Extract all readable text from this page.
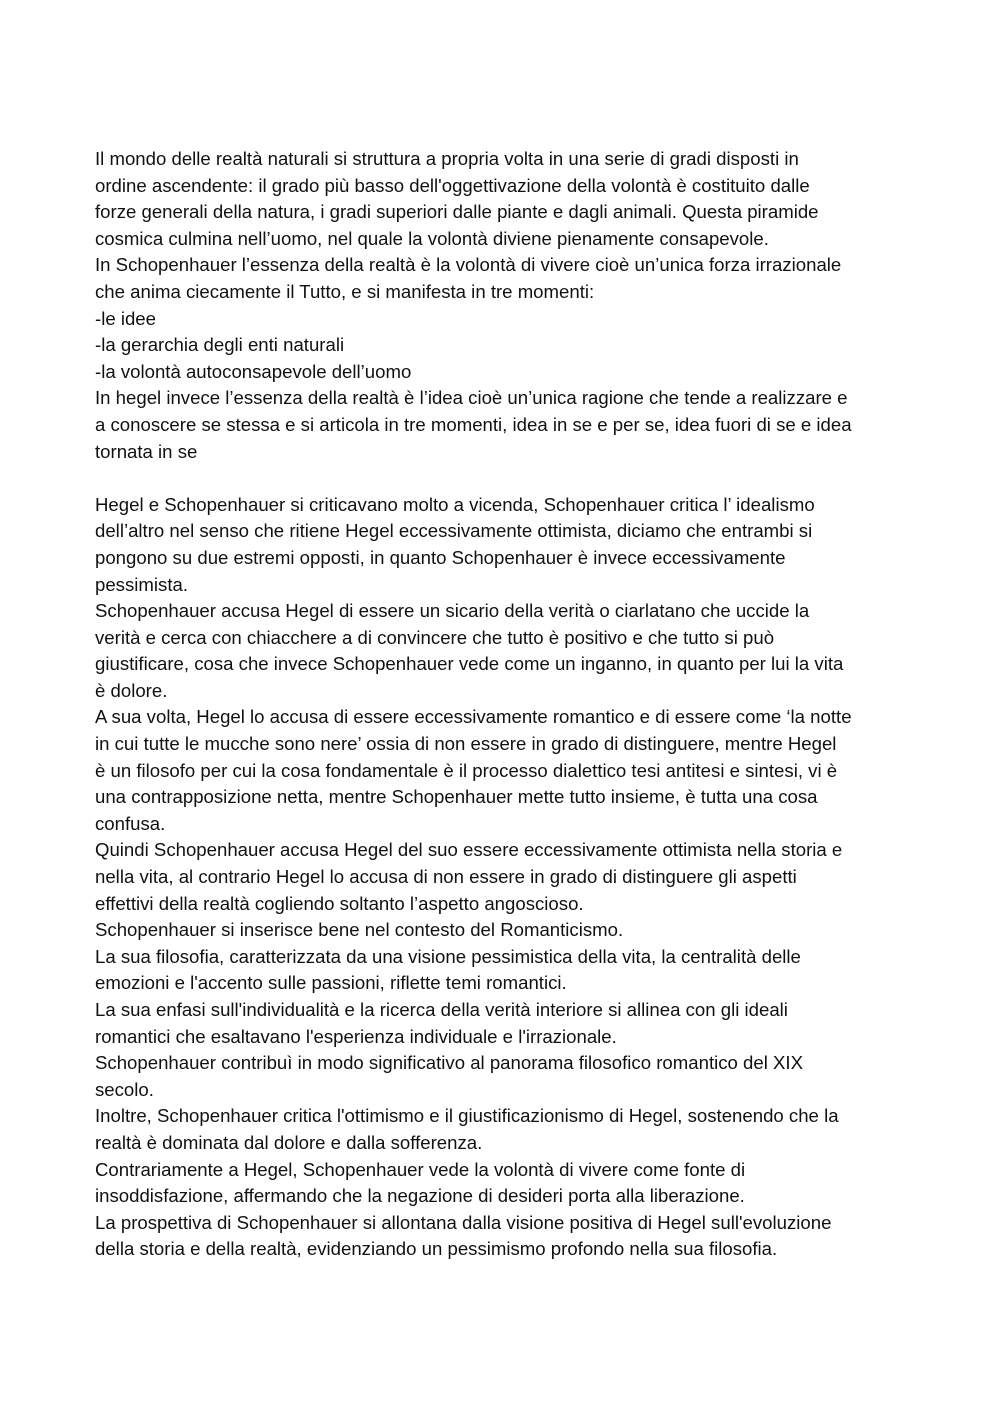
Il mondo delle realtà naturali si struttura a propria volta in una serie di gradi disposti in
ordine ascendente: il grado più basso dell'oggettivazione della volontà è costituito dalle
forze generali della natura, i gradi superiori dalle piante e dagli animali. Questa piramide
cosmica culmina nell’uomo, nel quale la volontà diviene pienamente consapevole.
In Schopenhauer l’essenza della realtà è la volontà di vivere cioè un’unica forza irrazionale
che anima ciecamente il Tutto, e si manifesta in tre momenti:
-le idee
-la gerarchia degli enti naturali
-la volontà autoconsapevole dell’uomo
In hegel invece l’essenza della realtà è l’idea cioè un’unica ragione che tende a realizzare e
a conoscere se stessa e si articola in tre momenti, idea in se e per se, idea fuori di se e idea
tornata in se
Hegel e Schopenhauer si criticavano molto a vicenda, Schopenhauer critica l’ idealismo
dell’altro nel senso che ritiene Hegel eccessivamente ottimista, diciamo che entrambi si
pongono su due estremi opposti, in quanto Schopenhauer è invece eccessivamente
pessimista.
Schopenhauer accusa Hegel di essere un sicario della verità o ciarlatano che uccide la
verità e cerca con chiacchere a di convincere che tutto è positivo e che tutto si può
giustificare, cosa che invece Schopenhauer vede come un inganno, in quanto per lui la vita
è dolore.
A sua volta, Hegel lo accusa di essere eccessivamente romantico e di essere come ‘la notte
in cui tutte le mucche sono nere’ ossia di non essere in grado di distinguere, mentre Hegel
è un filosofo per cui la cosa fondamentale è il processo dialettico tesi antitesi e sintesi, vi è
una contrapposizione netta, mentre Schopenhauer mette tutto insieme, è tutta una cosa
confusa.
Quindi Schopenhauer accusa Hegel del suo essere eccessivamente ottimista nella storia e
nella vita, al contrario Hegel lo accusa di non essere in grado di distinguere gli aspetti
effettivi della realtà cogliendo soltanto l’aspetto angoscioso.
Schopenhauer si inserisce bene nel contesto del Romanticismo.
La sua filosofia, caratterizzata da una visione pessimistica della vita, la centralità delle
emozioni e l'accento sulle passioni, riflette temi romantici.
La sua enfasi sull'individualità e la ricerca della verità interiore si allinea con gli ideali
romantici che esaltavano l'esperienza individuale e l'irrazionale.
Schopenhauer contribuì in modo significativo al panorama filosofico romantico del XIX
secolo.
Inoltre, Schopenhauer critica l'ottimismo e il giustificazionismo di Hegel, sostenendo che la
realtà è dominata dal dolore e dalla sofferenza.
Contrariamente a Hegel, Schopenhauer vede la volontà di vivere come fonte di
insoddisfazione, affermando che la negazione di desideri porta alla liberazione.
La prospettiva di Schopenhauer si allontana dalla visione positiva di Hegel sull'evoluzione
della storia e della realtà, evidenziando un pessimismo profondo nella sua filosofia.
